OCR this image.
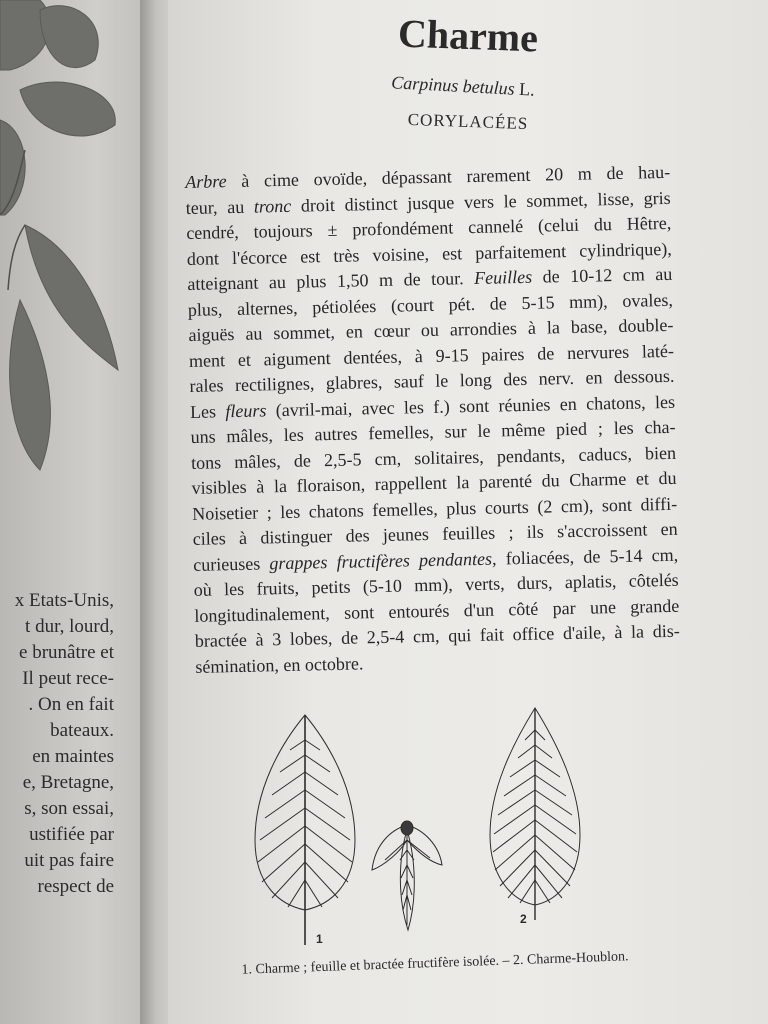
x Etats-Unis,
t dur, lourd,
e brunâtre et
Il peut rece-
. On en fait
bateaux.
en maintes
e, Bretagne,
s, son essai,
ustifiée par
uit pas faire
respect de
Charme
Carpinus betulus L.
CORYLACÉES
Arbre à cime ovoïde, dépassant rarement 20 m de hau-
teur, au tronc droit distinct jusque vers le sommet, lisse, gris
cendré, toujours ± profondément cannelé (celui du Hêtre,
dont l'écorce est très voisine, est parfaitement cylindrique),
atteignant au plus 1,50 m de tour. Feuilles de 10-12 cm au
plus, alternes, pétiolées (court pét. de 5-15 mm), ovales,
aiguës au sommet, en cœur ou arrondies à la base, double-
ment et aigument dentées, à 9-15 paires de nervures laté-
rales rectilignes, glabres, sauf le long des nerv. en dessous.
Les fleurs (avril-mai, avec les f.) sont réunies en chatons, les
uns mâles, les autres femelles, sur le même pied ; les cha-
tons mâles, de 2,5-5 cm, solitaires, pendants, caducs, bien
visibles à la floraison, rappellent la parenté du Charme et du
Noisetier ; les chatons femelles, plus courts (2 cm), sont diffi-
ciles à distinguer des jeunes feuilles ; ils s'accroissent en
curieuses grappes fructifères pendantes, foliacées, de 5-14 cm,
où les fruits, petits (5-10 mm), verts, durs, aplatis, côtelés
longitudinalement, sont entourés d'un côté par une grande
bractée à 3 lobes, de 2,5-4 cm, qui fait office d'aile, à la dis-
sémination, en octobre.
1
2
1. Charme ; feuille et bractée fructifère isolée. – 2. Charme-Houblon.
